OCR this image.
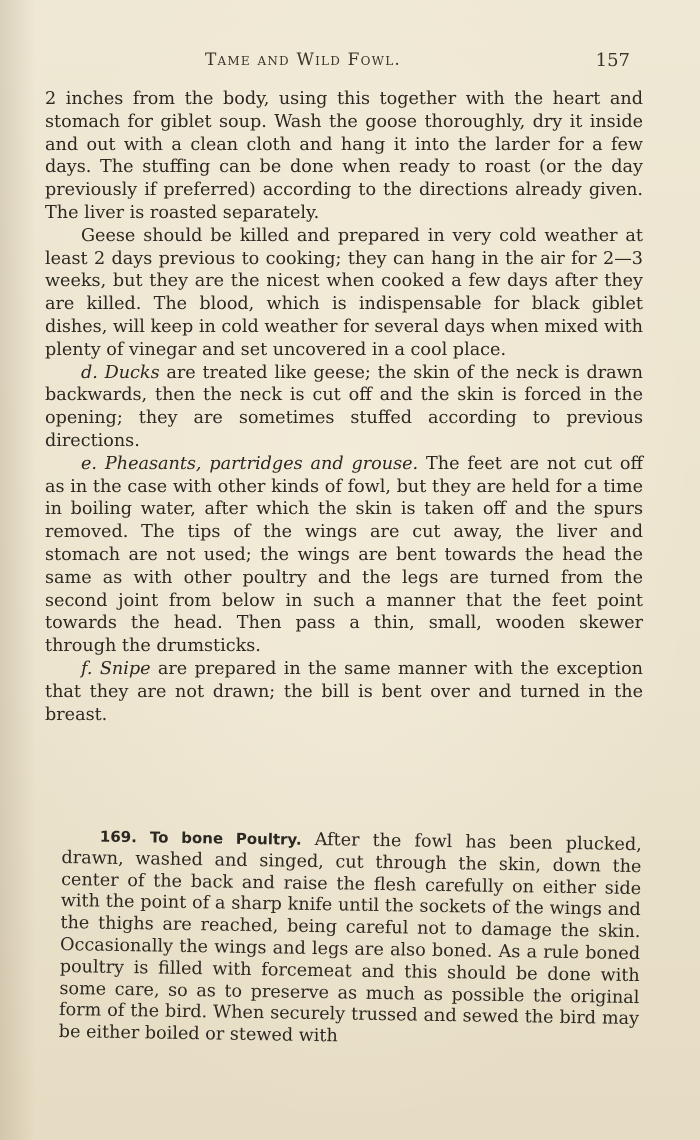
Tame and Wild Fowl.	157

2 inches from the body, using this together with the heart and stomach for giblet soup. Wash the goose thoroughly, dry it inside and out with a clean cloth and hang it into the larder for a few days. The stuffing can be done when ready to roast (or the day previously if preferred) according to the directions already given. The liver is roasted separately.

Geese should be killed and prepared in very cold weather at least 2 days previous to cooking; they can hang in the air for 2—3 weeks, but they are the nicest when cooked a few days after they are killed. The blood, which is indispensable for black giblet dishes, will keep in cold weather for several days when mixed with plenty of vinegar and set uncovered in a cool place.

d. Ducks are treated like geese; the skin of the neck is drawn backwards, then the neck is cut off and the skin is forced in the opening; they are sometimes stuffed according to previous directions.

e. Pheasants, partridges and grouse. The feet are not cut off as in the case with other kinds of fowl, but they are held for a time in boiling water, after which the skin is taken off and the spurs removed. The tips of the wings are cut away, the liver and stomach are not used; the wings are bent towards the head the same as with other poultry and the legs are turned from the second joint from below in such a manner that the feet point towards the head. Then pass a thin, small, wooden skewer through the drumsticks.

f. Snipe are prepared in the same manner with the exception that they are not drawn; the bill is bent over and turned in the breast.

169. To bone Poultry. After the fowl has been plucked, drawn, washed and singed, cut through the skin, down the center of the back and raise the flesh carefully on either side with the point of a sharp knife until the sockets of the wings and the thighs are reached, being careful not to damage the skin. Occasionally the wings and legs are also boned. As a rule boned poultry is filled with forcemeat and this should be done with some care, so as to preserve as much as possible the original form of the bird. When securely trussed and sewed the bird may be either boiled or stewed with
